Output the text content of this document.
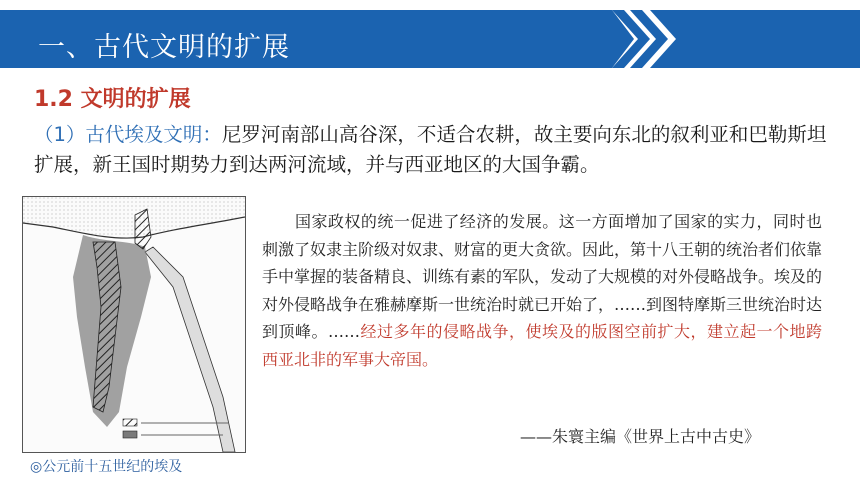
一、古代文明的扩展
1.2 文明的扩展
（1）古代埃及文明：尼罗河南部山高谷深，不适合农耕，故主要向东北的叙利亚和巴勒斯坦扩展，新王国时期势力到达两河流域，并与西亚地区的大国争霸。
◎公元前十五世纪的埃及
　　国家政权的统一促进了经济的发展。这一方面增加了国家的实力，同时也刺激了奴隶主阶级对奴隶、财富的更大贪欲。因此，第十八王朝的统治者们依靠手中掌握的装备精良、训练有素的军队，发动了大规模的对外侵略战争。埃及的对外侵略战争在雅赫摩斯一世统治时就已开始了，……到图特摩斯三世统治时达到顶峰。……经过多年的侵略战争，使埃及的版图空前扩大，建立起一个地跨西亚北非的军事大帝国。
——朱寰主编《世界上古中古史》
